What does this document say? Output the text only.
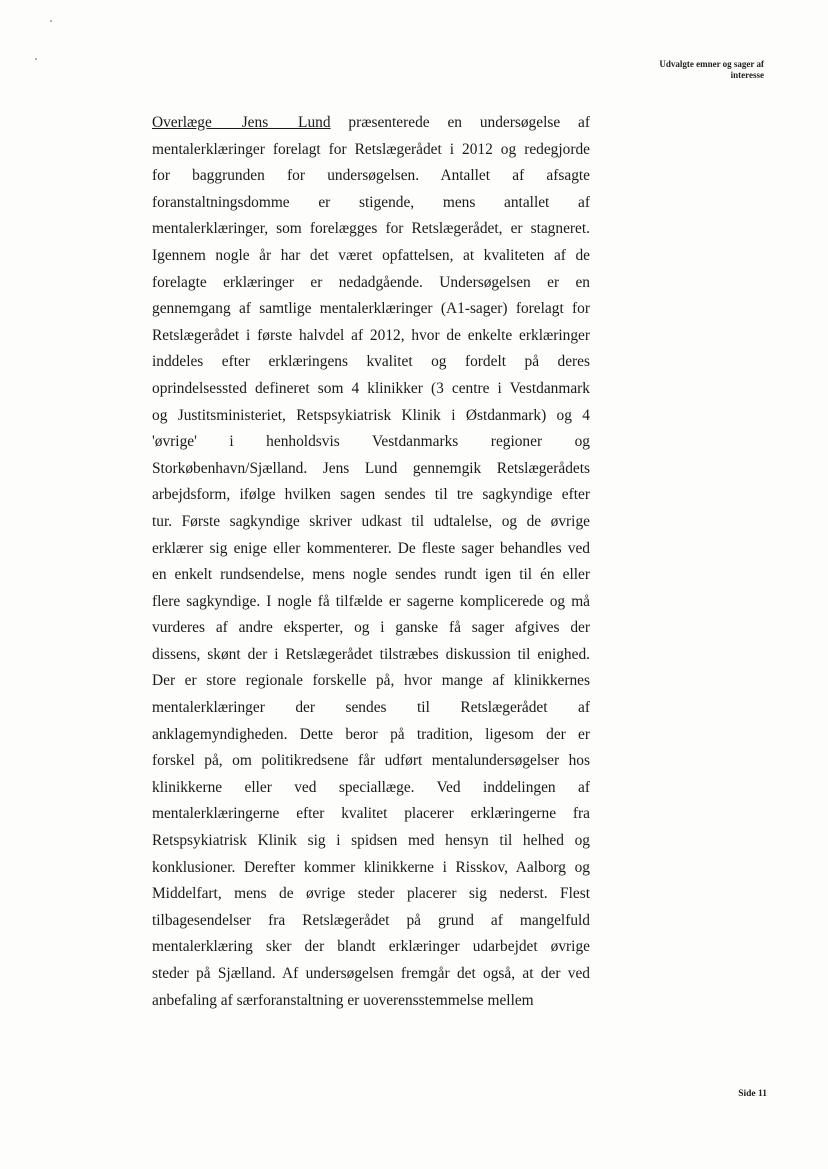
Udvalgte emner og sager af
interesse
Overlæge Jens Lund præsenterede en undersøgelse af
mentalerklæringer forelagt for Retslægerådet i 2012 og redegjorde
for baggrunden for undersøgelsen. Antallet af afsagte
foranstaltningsdomme er stigende, mens antallet af
mentalerklæringer, som forelægges for Retslægerådet, er stagneret.
Igennem nogle år har det været opfattelsen, at kvaliteten af de
forelagte erklæringer er nedadgående. Undersøgelsen er en
gennemgang af samtlige mentalerklæringer (A1-sager) forelagt for
Retslægerådet i første halvdel af 2012, hvor de enkelte erklæringer
inddeles efter erklæringens kvalitet og fordelt på deres
oprindelsessted defineret som 4 klinikker (3 centre i Vestdanmark
og Justitsministeriet, Retspsykiatrisk Klinik i Østdanmark) og 4
'øvrige' i henholdsvis Vestdanmarks regioner og
Storkøbenhavn/Sjælland. Jens Lund gennemgik Retslægerådets
arbejdsform, ifølge hvilken sagen sendes til tre sagkyndige efter
tur. Første sagkyndige skriver udkast til udtalelse, og de øvrige
erklærer sig enige eller kommenterer. De fleste sager behandles ved
en enkelt rundsendelse, mens nogle sendes rundt igen til én eller
flere sagkyndige. I nogle få tilfælde er sagerne komplicerede og må
vurderes af andre eksperter, og i ganske få sager afgives der
dissens, skønt der i Retslægerådet tilstræbes diskussion til enighed.
Der er store regionale forskelle på, hvor mange af klinikkernes
mentalerklæringer der sendes til Retslægerådet af
anklagemyndigheden. Dette beror på tradition, ligesom der er
forskel på, om politikredsene får udført mentalundersøgelser hos
klinikkerne eller ved speciallæge. Ved inddelingen af
mentalerklæringerne efter kvalitet placerer erklæringerne fra
Retspsykiatrisk Klinik sig i spidsen med hensyn til helhed og
konklusioner. Derefter kommer klinikkerne i Risskov, Aalborg og
Middelfart, mens de øvrige steder placerer sig nederst. Flest
tilbagesendelser fra Retslægerådet på grund af mangelfuld
mentalerklæring sker der blandt erklæringer udarbejdet øvrige
steder på Sjælland. Af undersøgelsen fremgår det også, at der ved
anbefaling af særforanstaltning er uoverensstemmelse mellem
Side 11
